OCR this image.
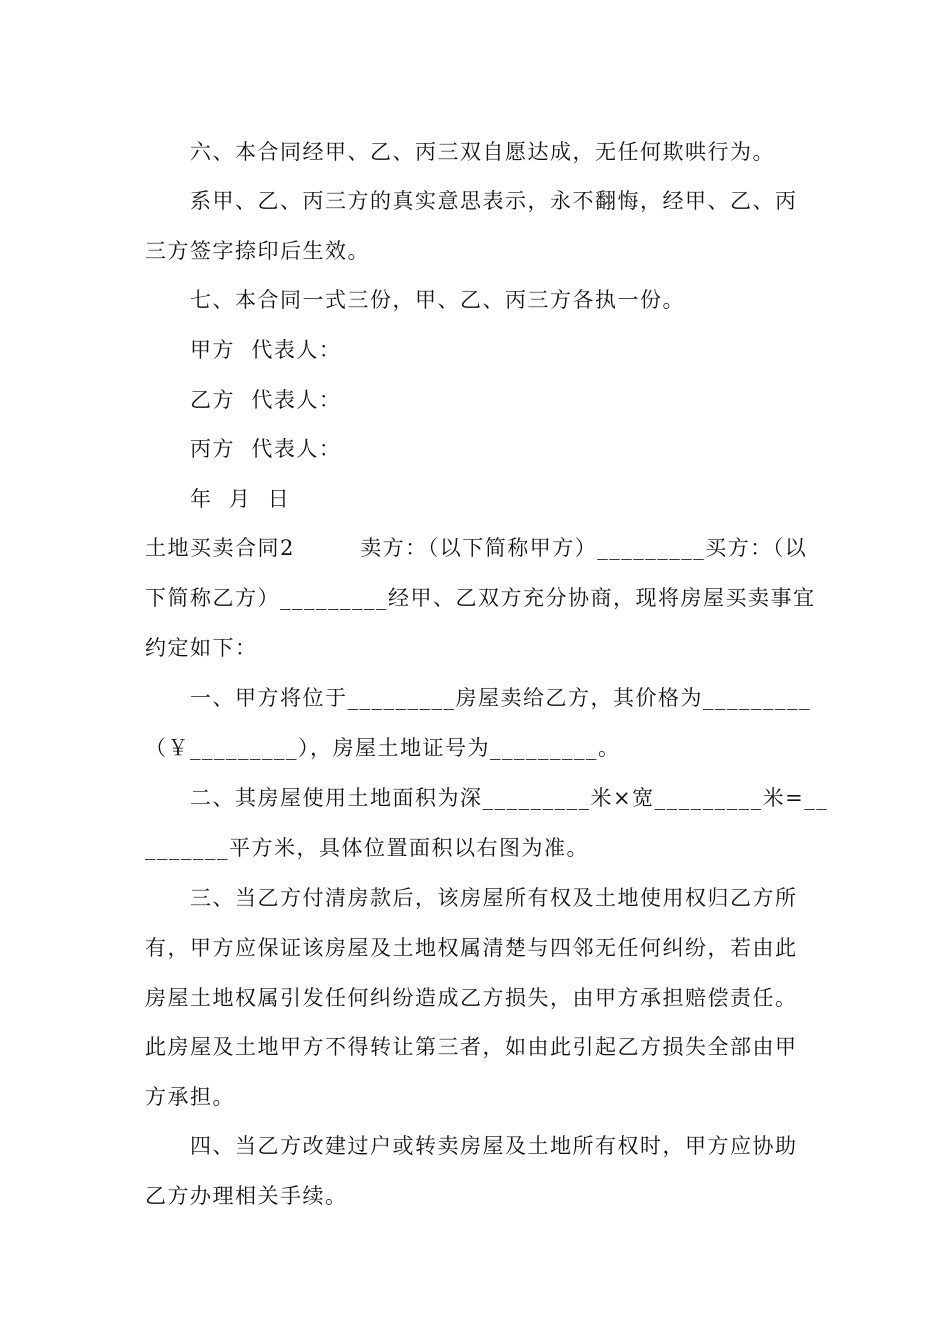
六、本合同经甲、乙、丙三双自愿达成，无任何欺哄行为。
系甲、乙、丙三方的真实意思表示，永不翻悔，经甲、乙、丙
三方签字捺印后生效。
七、本合同一式三份，甲、乙、丙三方各执一份。
甲方  代表人：
乙方  代表人：
丙方  代表人：
年  月  日
土地买卖合同2        卖方：（以下简称甲方）_________买方：（以
下简称乙方）_________经甲、乙双方充分协商，现将房屋买卖事宜
约定如下：
一、甲方将位于_________房屋卖给乙方，其价格为_________
（￥_________），房屋土地证号为_________。
二、其房屋使用土地面积为深_________米×宽_________米=__
_______平方米，具体位置面积以右图为准。
三、当乙方付清房款后，该房屋所有权及土地使用权归乙方所
有，甲方应保证该房屋及土地权属清楚与四邻无任何纠纷，若由此
房屋土地权属引发任何纠纷造成乙方损失，由甲方承担赔偿责任。
此房屋及土地甲方不得转让第三者，如由此引起乙方损失全部由甲
方承担。
四、当乙方改建过户或转卖房屋及土地所有权时，甲方应协助
乙方办理相关手续。
